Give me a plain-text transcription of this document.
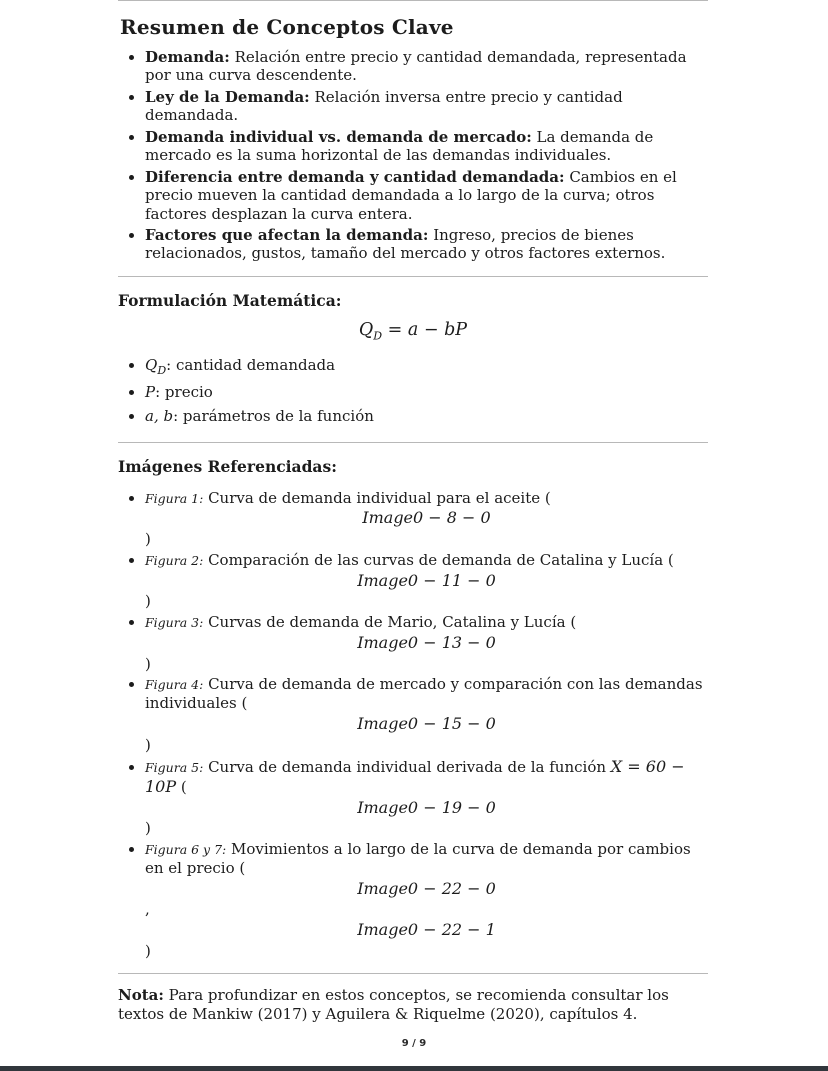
Resumen de Conceptos Clave
• Demanda: Relación entre precio y cantidad demandada, representada por una curva descendente.
• Ley de la Demanda: Relación inversa entre precio y cantidad demandada.
• Demanda individual vs. demanda de mercado: La demanda de mercado es la suma horizontal de las demandas individuales.
• Diferencia entre demanda y cantidad demandada: Cambios en el precio mueven la cantidad demandada a lo largo de la curva; otros factores desplazan la curva entera.
• Factores que afectan la demanda: Ingreso, precios de bienes relacionados, gustos, tamaño del mercado y otros factores externos.
Formulación Matemática:
$Q_D = a$ − bP
• $Q_D$: cantidad demandada
• P: precio
• a, b: parámetros de la función
Imágenes Referenciadas:
• Figura 1: Curva de demanda individual para el aceite (
Image0 − 8 − 0
)
• Figura 2: Comparación de las curvas de demanda de Catalina y Lucía (
Image0 − 11 − 0
)
• Figura 3: Curvas de demanda de Mario, Catalina y Lucía (
Image0 − 13 − 0
)
• Figura 4: Curva de demanda de mercado y comparación con las demandas individuales (
Image0 − 15 − 0
)
• Figura 5: Curva de demanda individual derivada de la función X = 60 − 10P (
Image0 − 19 − 0
)
• Figura 6 y 7: Movimientos a lo largo de la curva de demanda por cambios en el precio (
Image0 − 22 − 0
,
Image0 − 22 − 1
)

Nota: Para profundizar en estos conceptos, se recomienda consultar los textos de Mankiw (2017) y Aguilera & Riquelme (2020), capítulos 4.

9 / 9
